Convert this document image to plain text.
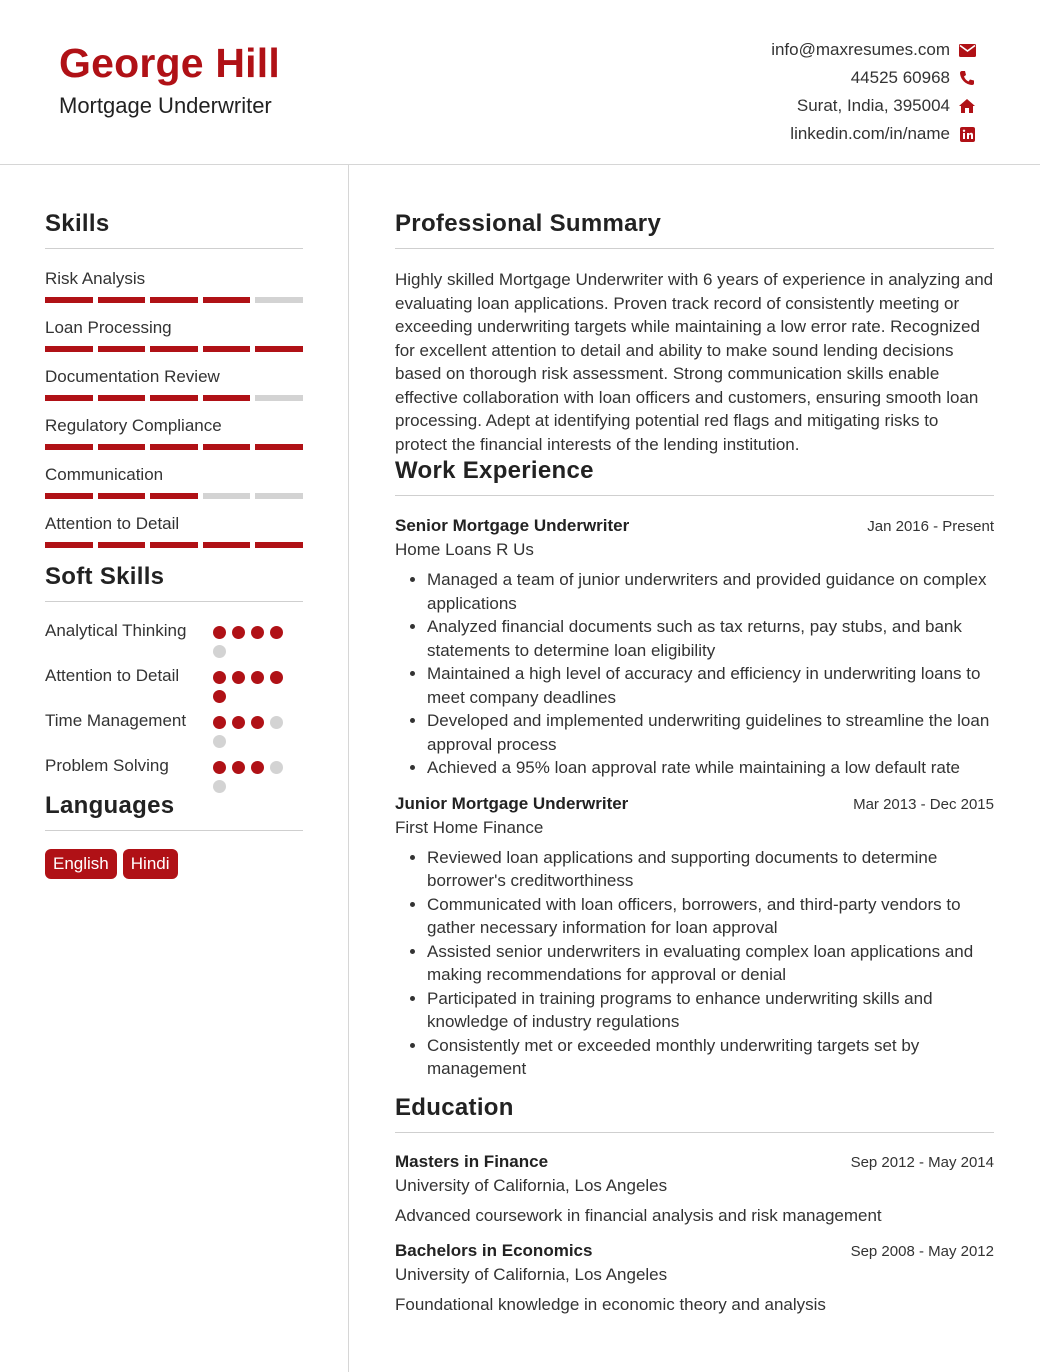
George Hill
Mortgage Underwriter
info@maxresumes.com
44525 60968
Surat, India, 395004
linkedin.com/in/name
Skills
Risk Analysis
Loan Processing
Documentation Review
Regulatory Compliance
Communication
Attention to Detail
Soft Skills
Analytical Thinking
Attention to Detail
Time Management
Problem Solving
Languages
English	Hindi
Professional Summary
Highly skilled Mortgage Underwriter with 6 years of experience in analyzing and evaluating loan applications. Proven track record of consistently meeting or exceeding underwriting targets while maintaining a low error rate. Recognized for excellent attention to detail and ability to make sound lending decisions based on thorough risk assessment. Strong communication skills enable effective collaboration with loan officers and customers, ensuring smooth loan processing. Adept at identifying potential red flags and mitigating risks to protect the financial interests of the lending institution.
Work Experience
Senior Mortgage Underwriter	Jan 2016 - Present
Home Loans R Us
• Managed a team of junior underwriters and provided guidance on complex applications
• Analyzed financial documents such as tax returns, pay stubs, and bank statements to determine loan eligibility
• Maintained a high level of accuracy and efficiency in underwriting loans to meet company deadlines
• Developed and implemented underwriting guidelines to streamline the loan approval process
• Achieved a 95% loan approval rate while maintaining a low default rate
Junior Mortgage Underwriter	Mar 2013 - Dec 2015
First Home Finance
• Reviewed loan applications and supporting documents to determine borrower's creditworthiness
• Communicated with loan officers, borrowers, and third-party vendors to gather necessary information for loan approval
• Assisted senior underwriters in evaluating complex loan applications and making recommendations for approval or denial
• Participated in training programs to enhance underwriting skills and knowledge of industry regulations
• Consistently met or exceeded monthly underwriting targets set by management
Education
Masters in Finance	Sep 2012 - May 2014
University of California, Los Angeles
Advanced coursework in financial analysis and risk management
Bachelors in Economics	Sep 2008 - May 2012
University of California, Los Angeles
Foundational knowledge in economic theory and analysis
